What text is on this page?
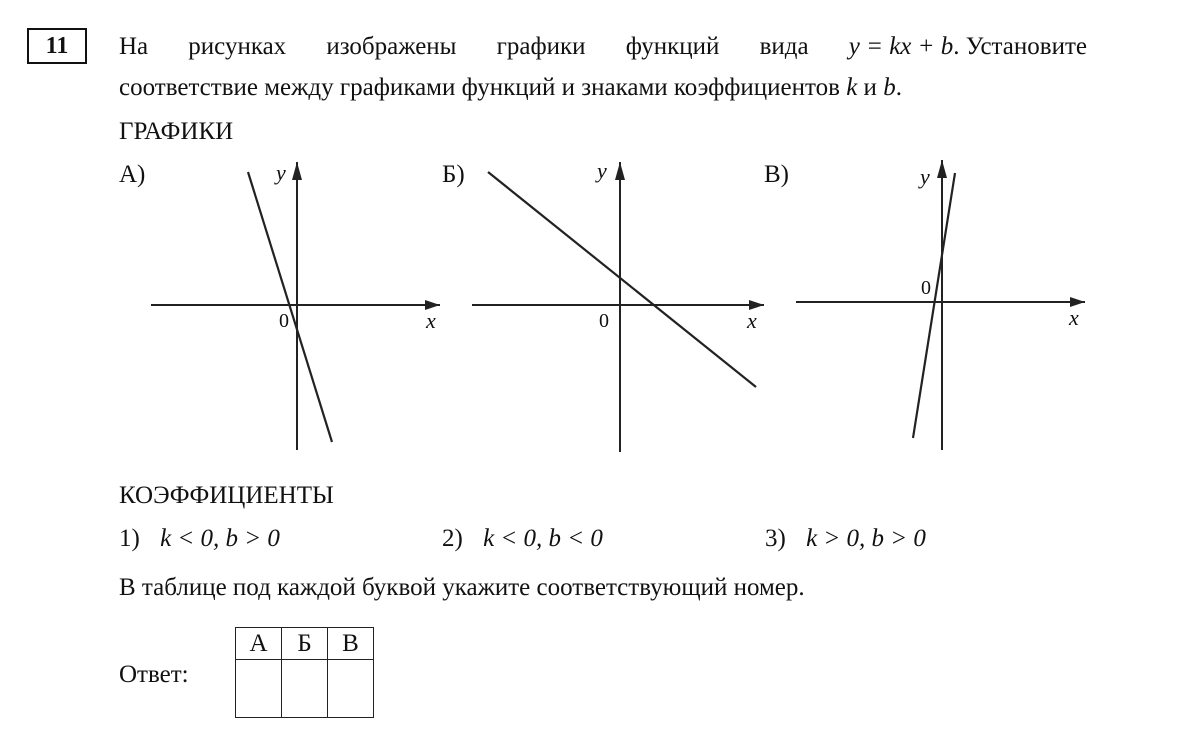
11	На рисунках изображены графики функций вида y = kx + b. Установите
соответствие между графиками функций и знаками коэффициентов k и b.
ГРАФИКИ
А)	Б)	В)
x
y
0	x
y
0	x
y
0
КОЭФФИЦИЕНТЫ
1) k < 0, b > 0	2) k < 0, b < 0	3) k > 0, b > 0
В таблице под каждой буквой укажите соответствующий номер.
Ответ:
А	Б	В
